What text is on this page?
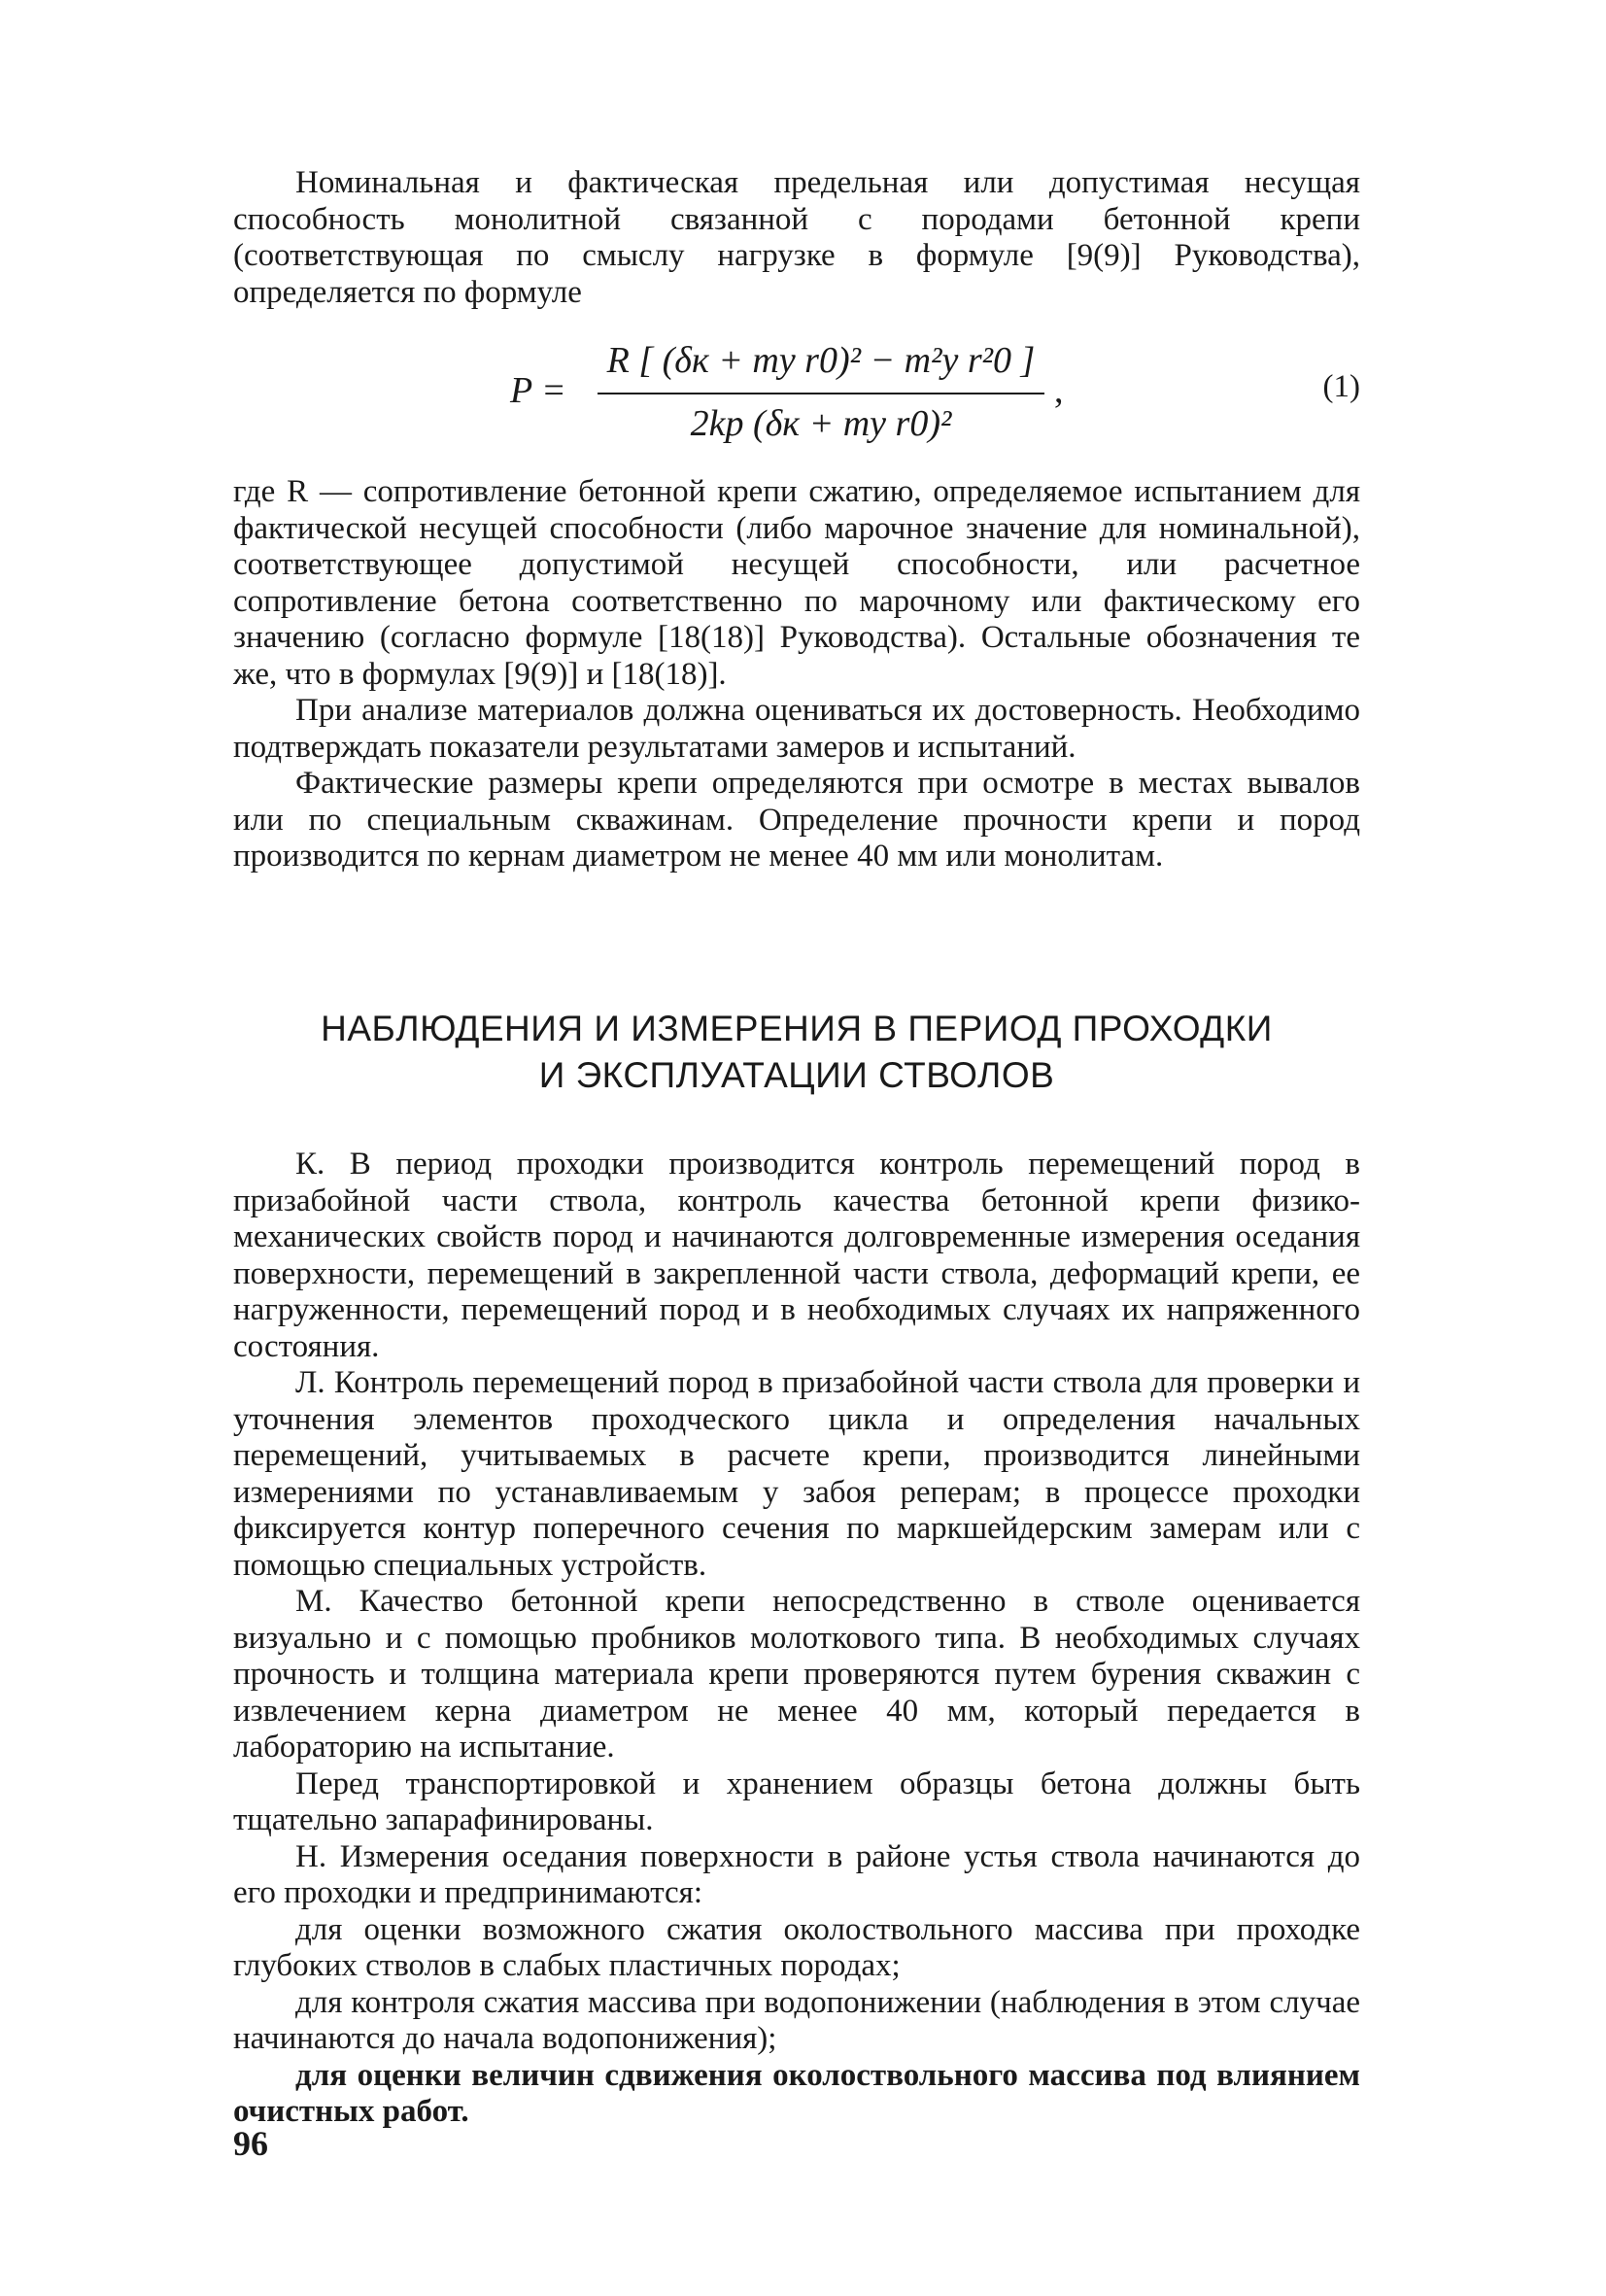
Номинальная и фактическая предельная или допустимая несущая способность монолитной связанной с породами бетонной крепи (соответствующая по смыслу нагрузке в формуле [9(9)] Руководства), определяется по формуле

P =
R [ (δк + mу r0)² − m²у r²0 ]
2kр (δк + mу r0)²
,	(1)

где R — сопротивление бетонной крепи сжатию, определяемое испытанием для фактической несущей способности (либо марочное значение для номинальной), соответствующее допустимой несущей способности, или расчетное сопротивление бетона соответственно по марочному или фактическому его значению (согласно формуле [18(18)] Руководства). Остальные обозначения те же, что в формулах [9(9)] и [18(18)].

При анализе материалов должна оцениваться их достоверность. Необходимо подтверждать показатели результатами замеров и испытаний.

Фактические размеры крепи определяются при осмотре в местах вывалов или по специальным скважинам. Определение прочности крепи и пород производится по кернам диаметром не менее 40 мм или монолитам.

НАБЛЮДЕНИЯ И ИЗМЕРЕНИЯ В ПЕРИОД ПРОХОДКИ
И ЭКСПЛУАТАЦИИ СТВОЛОВ

К. В период проходки производится контроль перемещений пород в призабойной части ствола, контроль качества бетонной крепи физико-механических свойств пород и начинаются долговременные измерения оседания поверхности, перемещений в закрепленной части ствола, деформаций крепи, ее нагруженности, перемещений пород и в необходимых случаях их напряженного состояния.

Л. Контроль перемещений пород в призабойной части ствола для проверки и уточнения элементов проходческого цикла и определения начальных перемещений, учитываемых в расчете крепи, производится линейными измерениями по устанавливаемым у забоя реперам; в процессе проходки фиксируется контур поперечного сечения по маркшейдерским замерам или с помощью специальных устройств.

М. Качество бетонной крепи непосредственно в стволе оценивается визуально и с помощью пробников молоткового типа. В необходимых случаях прочность и толщина материала крепи проверяются путем бурения скважин с извлечением керна диаметром не менее 40 мм, который передается в лабораторию на испытание.

Перед транспортировкой и хранением образцы бетона должны быть тщательно запарафинированы.

Н. Измерения оседания поверхности в районе устья ствола начинаются до его проходки и предпринимаются:

для оценки возможного сжатия околоствольного массива при проходке глубоких стволов в слабых пластичных породах;

для контроля сжатия массива при водопонижении (наблюдения в этом случае начинаются до начала водопонижения);

для оценки величин сдвижения околоствольного массива под влиянием очистных работ.

96
